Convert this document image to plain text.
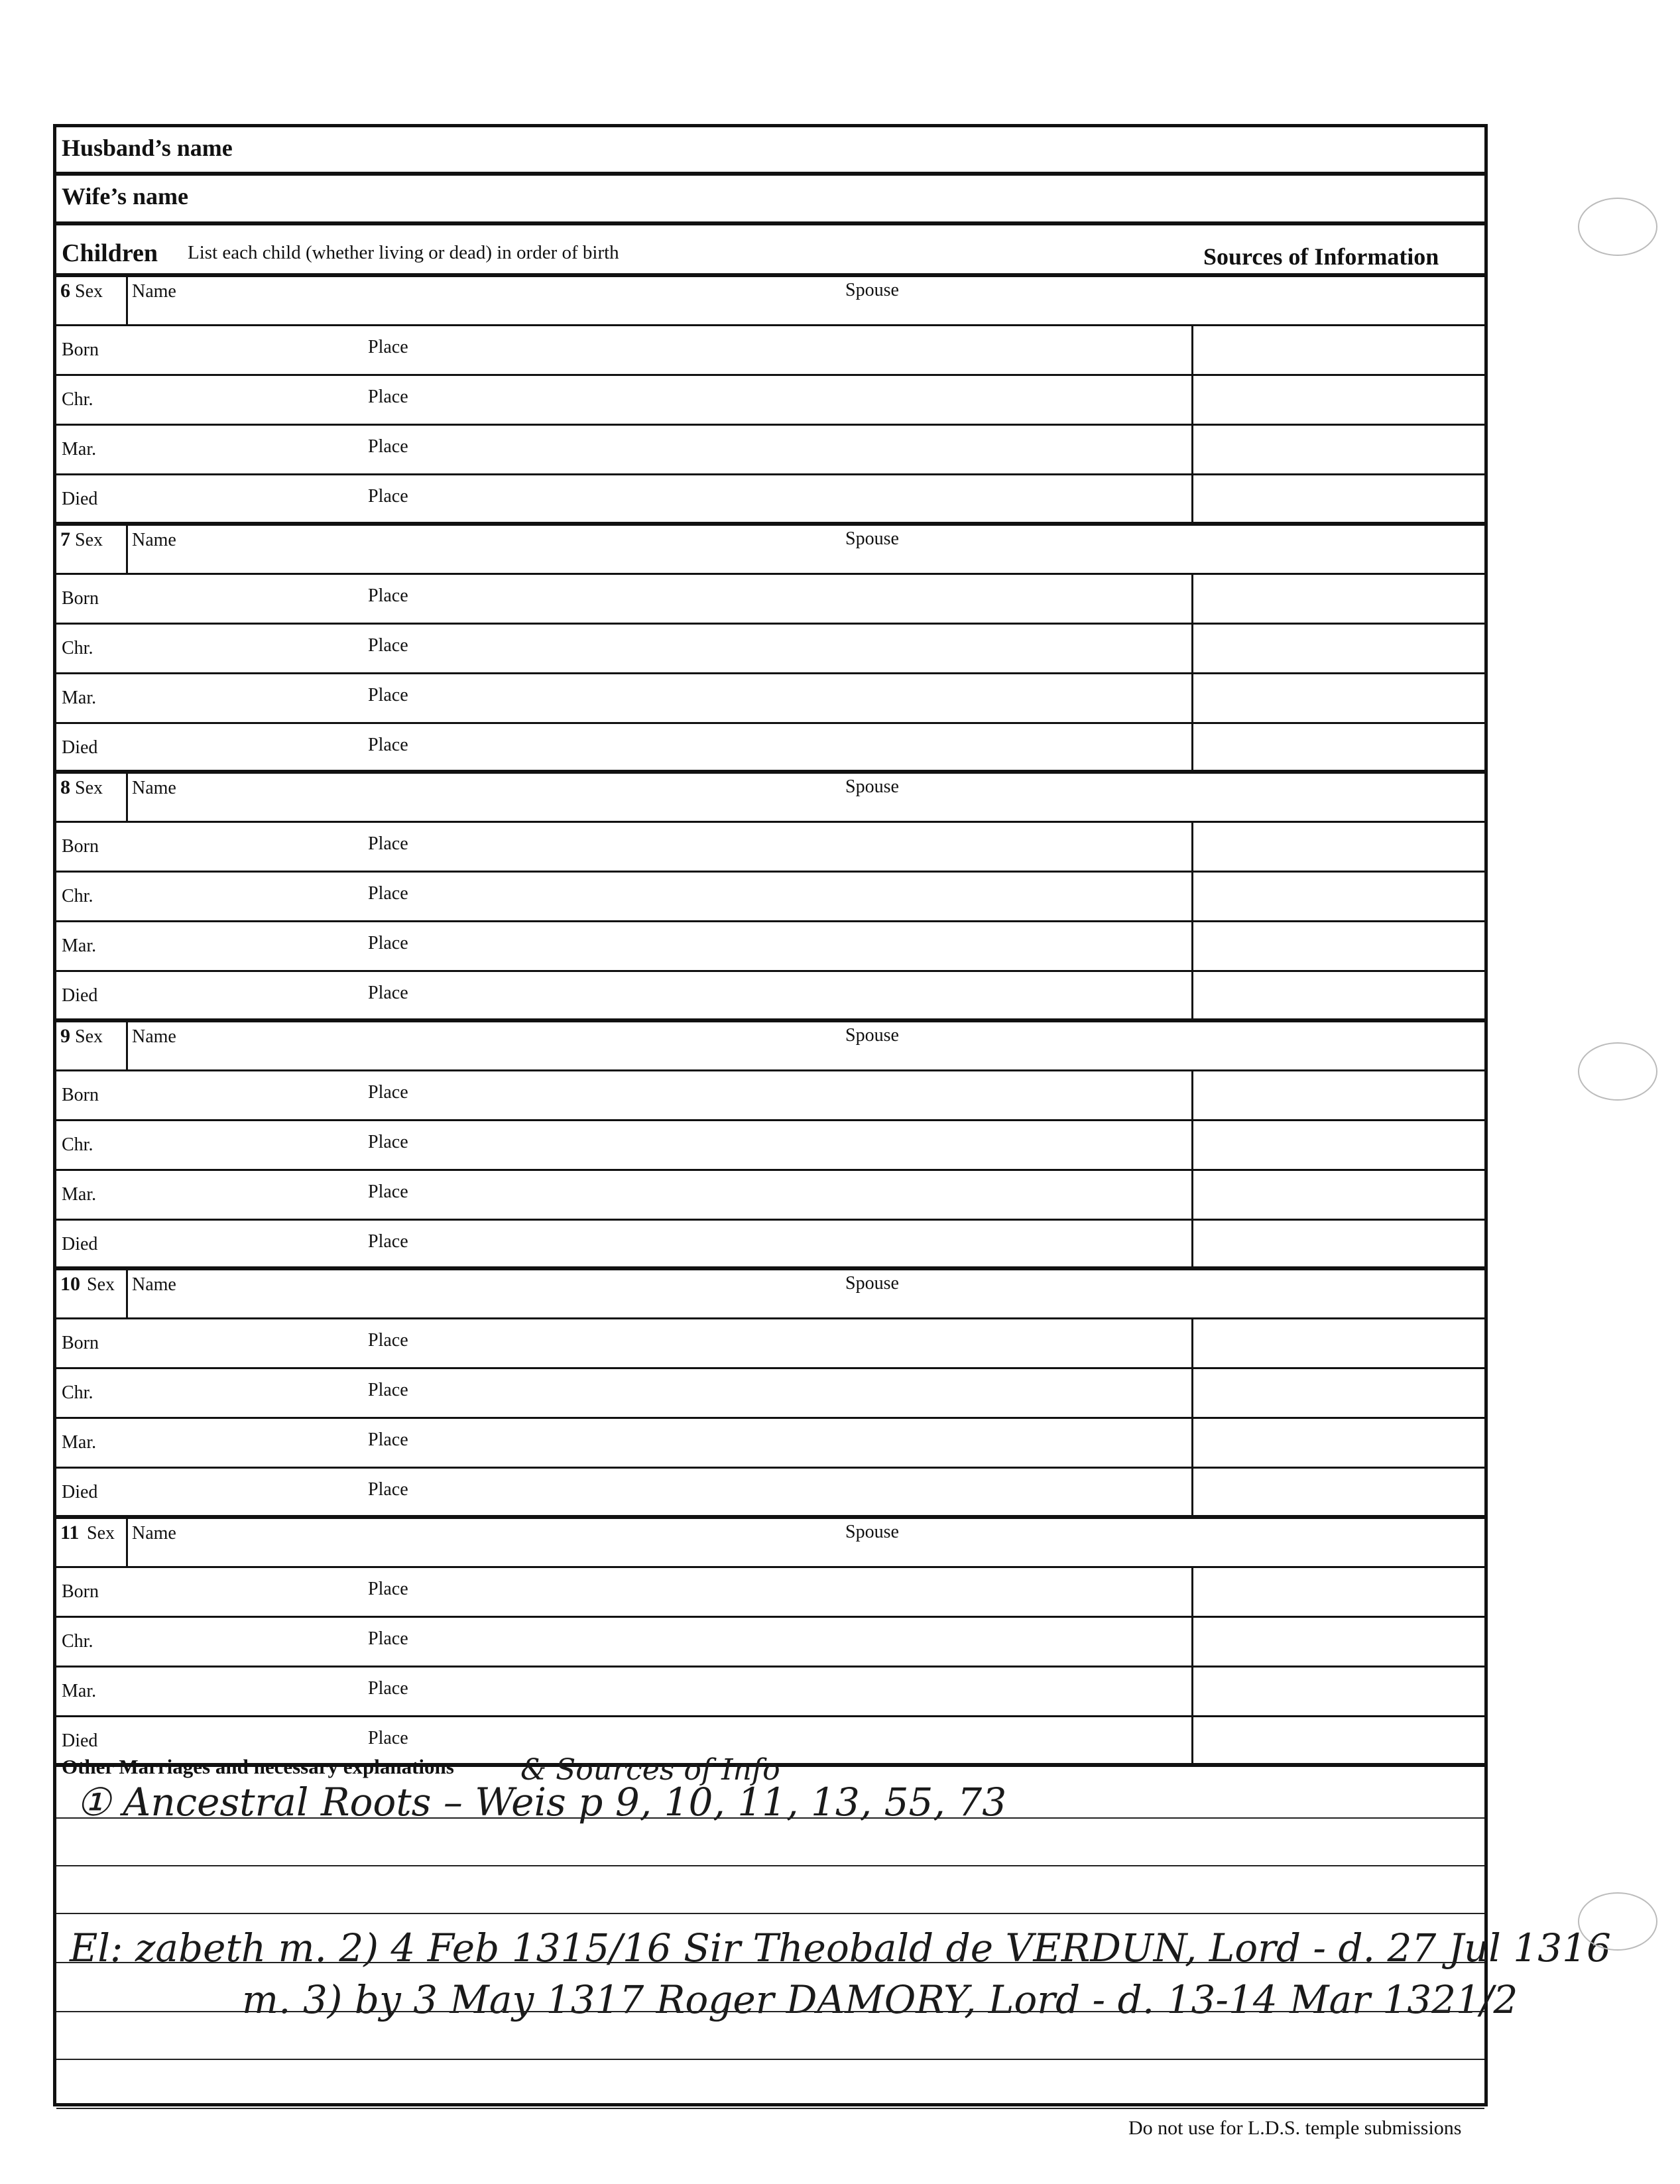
Husband’s name
Wife’s name
Children List each child (whether living or dead) in order of birth	Sources of Information
6 Sex Name	Spouse
Born	Place
Chr.	Place
Mar.	Place
Died	Place
7 Sex Name	Spouse
Born	Place
Chr.	Place
Mar.	Place
Died	Place
8 Sex Name	Spouse
Born	Place
Chr.	Place
Mar.	Place
Died	Place
9 Sex Name	Spouse
Born	Place
Chr.	Place
Mar.	Place
Died	Place
10 Sex Name	Spouse
Born	Place
Chr.	Place
Mar.	Place
Died	Place
11 Sex Name	Spouse
Born	Place
Chr.	Place
Mar.	Place
Died	Place
Other Marriages and necessary explanations & Sources of Info
① Ancestral Roots – Weis p 9, 10, 11, 13, 55, 73
El: zabeth m. 2) 4 Feb 1315/16 Sir Theobald de VERDUN, Lord - d. 27 Jul 1316
m. 3) by 3 May 1317 Roger DAMORY, Lord - d. 13-14 Mar 1321/2
Do not use for L.D.S. temple submissions
